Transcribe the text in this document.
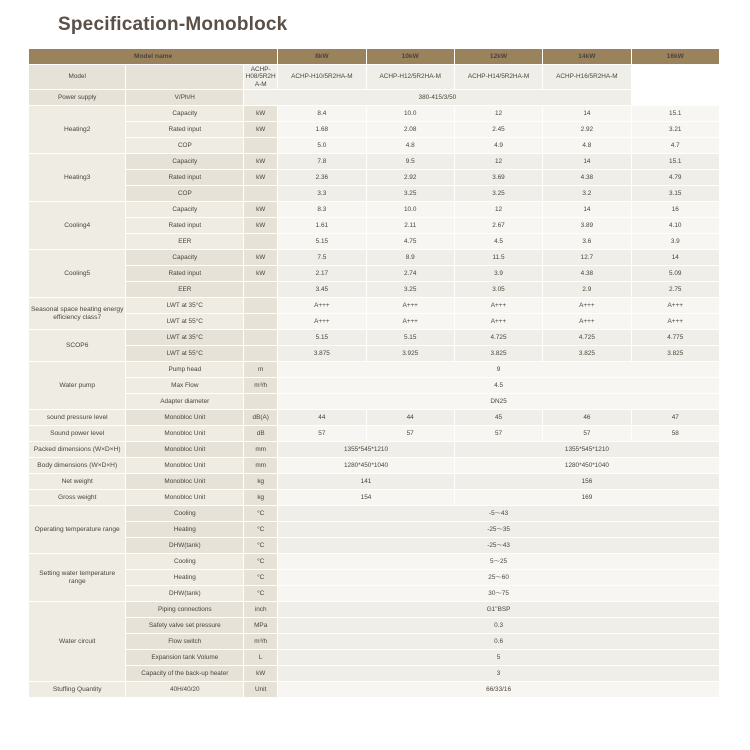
Specification-Monoblock
Model name			8kW	10kW	12kW	14kW	16kW
Model		ACHP-H08/5R2HA-M	ACHP-H10/5R2HA-M	ACHP-H12/5R2HA-M	ACHP-H14/5R2HA-M	ACHP-H16/5R2HA-M	
Power supply	V/Ph/H	380-415/3/50					
Heating2	Capacity	kW	8.4	10.0	12	14	15.1
	Rated input	kW	1.68	2.08	2.45	2.92	3.21
	COP		5.0	4.8	4.9	4.8	4.7
Heating3	Capacity	kW	7.8	9.5	12	14	15.1
	Rated input	kW	2.36	2.92	3.69	4.38	4.79
	COP		3.3	3.25	3.25	3.2	3.15
Cooling4	Capacity	kW	8.3	10.0	12	14	16
	Rated input	kW	1.61	2.11	2.67	3.89	4.10
	EER		5.15	4.75	4.5	3.6	3.9
Cooling5	Capacity	kW	7.5	8.9	11.5	12.7	14
	Rated input	kW	2.17	2.74	3.9	4.38	5.09
	EER		3.45	3.25	3.05	2.9	2.75
Seasonal space heating energy efficiency class7	LWT at 35°C		A+++	A+++	A+++	A+++	A+++
	LWT at 55°C		A+++	A+++	A+++	A+++	A+++
SCOP6	LWT at 35°C		5.15	5.15	4.725	4.725	4.775
	LWT at 55°C		3.875	3.925	3.825	3.825	3.825
Water pump	Pump head	m	9				
	Max Flow	m³/h	4.5				
	Adapter diameter		DN25				
sound pressure level	Monobloc Unit	dB(A)	44	44	45	46	47
Sound power level	Monobloc Unit	dB	57	57	57	57	58
Packed dimensions (W×D×H)	Monobloc Unit	mm	1355*545*1210		1355*545*1210		
Body dimensions (W×D×H)	Monobloc Unit	mm	1280*450*1040		1280*450*1040		
Net weight	Monobloc Unit	kg	141		156		
Gross weight	Monobloc Unit	kg	154		169		
Operating temperature range	Cooling	°C	-5～43				
	Heating	°C	-25～35				
	DHW(tank)	°C	-25～43				
Setting water temperature range	Cooling	°C	5～25				
	Heating	°C	25～60				
	DHW(tank)	°C	30～75				
Water circuit	Piping connections	inch	G1"BSP				
	Safety valve set pressure	MPa	0.3				
	Flow switch	m³/h	0.6				
	Expansion tank Volume	L	5				
	Capacity of the back-up heater	kW	3				
Stuffing Quantity	40H/40/20	Unit	66/33/16				
